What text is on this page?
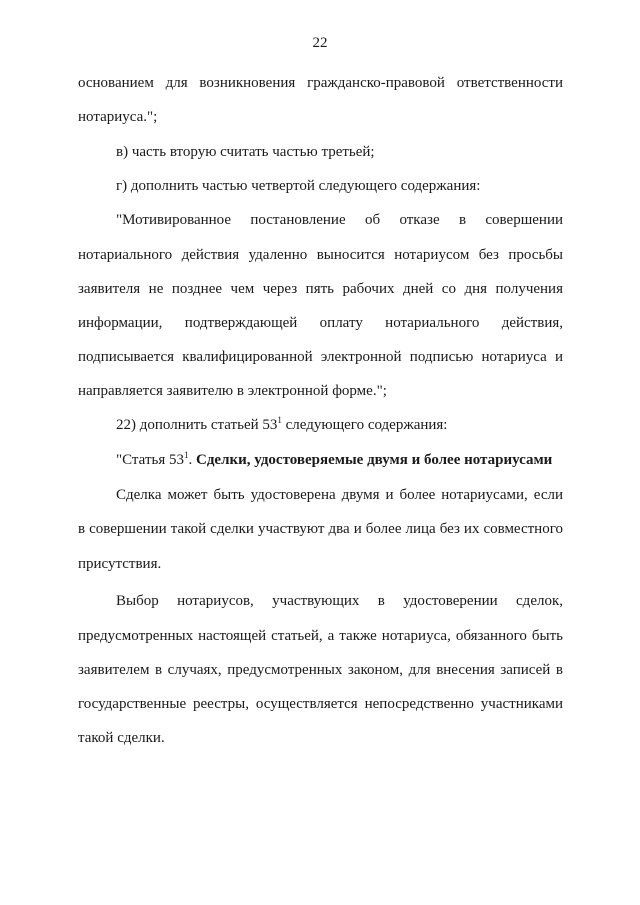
22
основанием для возникновения гражданско-правовой ответственности
нотариуса.";
в) часть вторую считать частью третьей;
г) дополнить частью четвертой следующего содержания:
"Мотивированное постановление об отказе в совершении
нотариального действия удаленно выносится нотариусом без просьбы
заявителя не позднее чем через пять рабочих дней со дня получения
информации, подтверждающей оплату нотариального действия,
подписывается квалифицированной электронной подписью нотариуса и
направляется заявителю в электронной форме.";
22) дополнить статьей $53^1$ следующего содержания:
"Статья $53^1$. Сделки, удостоверяемые двумя и более нотариусами
Сделка может быть удостоверена двумя и более нотариусами, если
в совершении такой сделки участвуют два и более лица без их совместного
присутствия.
Выбор нотариусов, участвующих в удостоверении сделок,
предусмотренных настоящей статьей, а также нотариуса, обязанного быть
заявителем в случаях, предусмотренных законом, для внесения записей в
государственные реестры, осуществляется непосредственно участниками
такой сделки.
